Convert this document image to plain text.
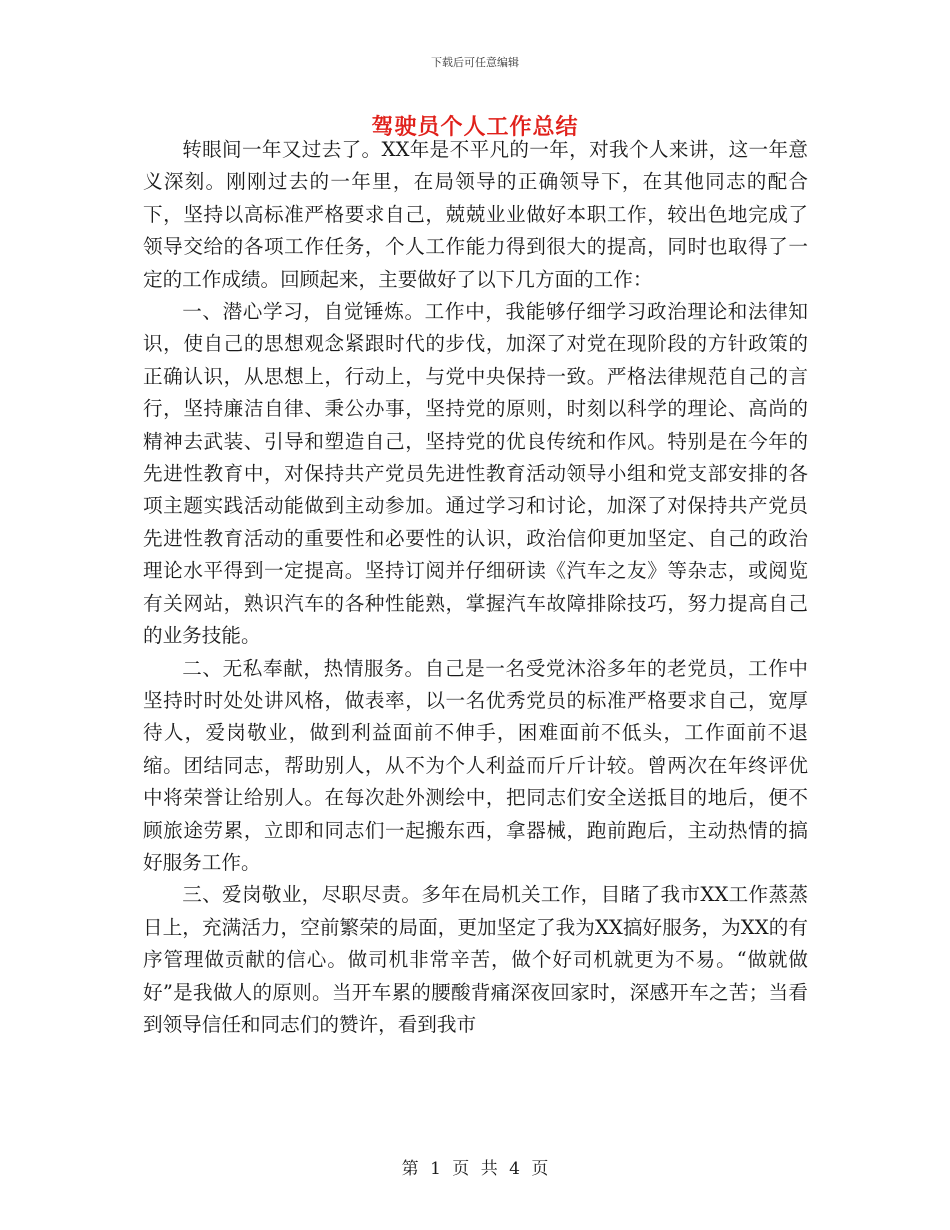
下载后可任意编辑
驾驶员个人工作总结

转眼间一年又过去了。XX年是不平凡的一年，对我个人来讲，这一年意义深刻。刚刚过去的一年里，在局领导的正确领导下，在其他同志的配合下，坚持以高标准严格要求自己，兢兢业业做好本职工作，较出色地完成了领导交给的各项工作任务，个人工作能力得到很大的提高，同时也取得了一定的工作成绩。回顾起来，主要做好了以下几方面的工作：

一、潜心学习，自觉锤炼。工作中，我能够仔细学习政治理论和法律知识，使自己的思想观念紧跟时代的步伐，加深了对党在现阶段的方针政策的正确认识，从思想上，行动上，与党中央保持一致。严格法律规范自己的言行，坚持廉洁自律、秉公办事，坚持党的原则，时刻以科学的理论、高尚的精神去武装、引导和塑造自己，坚持党的优良传统和作风。特别是在今年的先进性教育中，对保持共产党员先进性教育活动领导小组和党支部安排的各项主题实践活动能做到主动参加。通过学习和讨论，加深了对保持共产党员先进性教育活动的重要性和必要性的认识，政治信仰更加坚定、自己的政治理论水平得到一定提高。坚持订阅并仔细研读《汽车之友》等杂志，或阅览有关网站，熟识汽车的各种性能熟，掌握汽车故障排除技巧，努力提高自己的业务技能。

二、无私奉献，热情服务。自己是一名受党沐浴多年的老党员，工作中坚持时时处处讲风格，做表率，以一名优秀党员的标准严格要求自己，宽厚待人，爱岗敬业，做到利益面前不伸手，困难面前不低头，工作面前不退缩。团结同志，帮助别人，从不为个人利益而斤斤计较。曾两次在年终评优中将荣誉让给别人。在每次赴外测绘中，把同志们安全送抵目的地后，便不顾旅途劳累，立即和同志们一起搬东西，拿器械，跑前跑后，主动热情的搞好服务工作。

三、爱岗敬业，尽职尽责。多年在局机关工作，目睹了我市XX工作蒸蒸日上，充满活力，空前繁荣的局面，更加坚定了我为XX搞好服务，为XX的有序管理做贡献的信心。做司机非常辛苦，做个好司机就更为不易。“做就做好”是我做人的原则。当开车累的腰酸背痛深夜回家时，深感开车之苦；当看到领导信任和同志们的赞许，看到我市

第 1 页 共 4 页
